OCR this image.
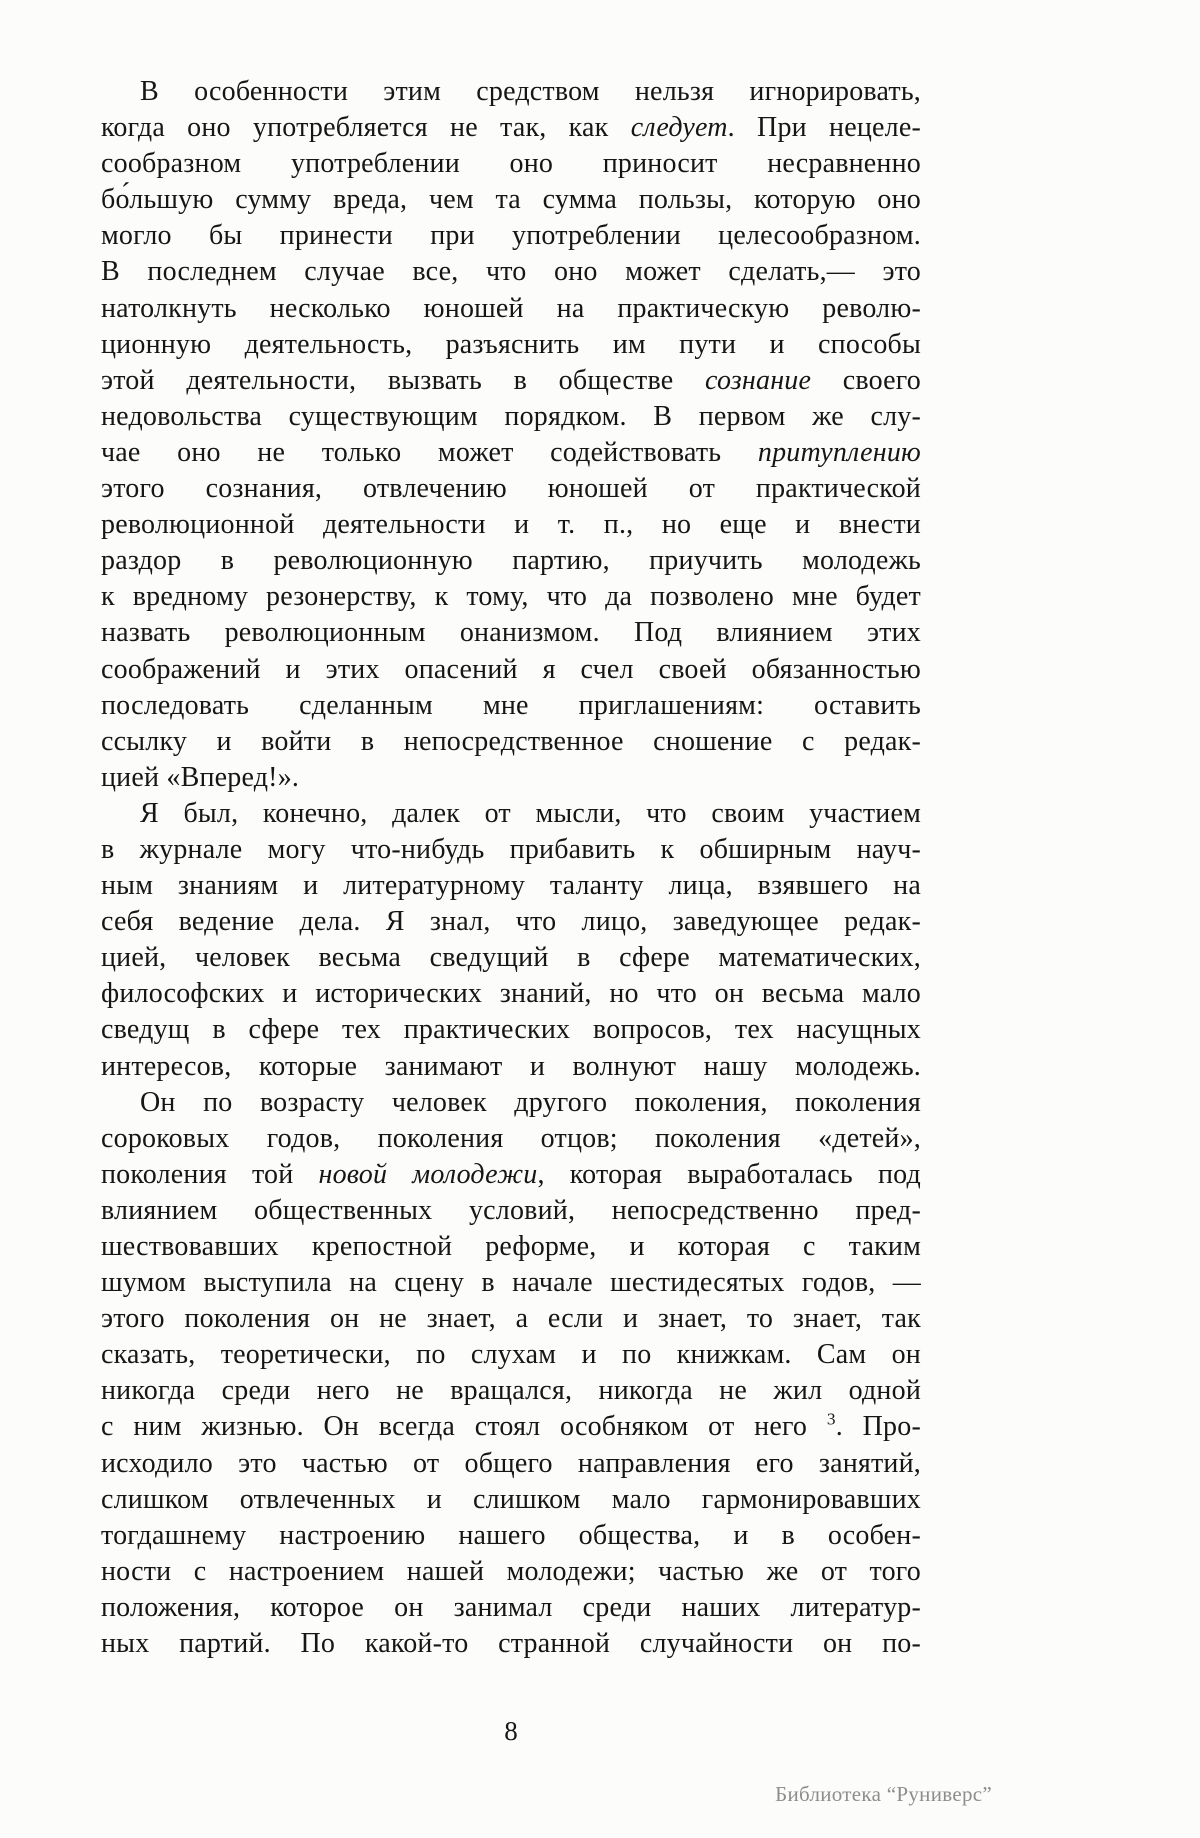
В особенности этим средством нельзя игнорировать,
когда оно употребляется не так, как следует. При нецеле-
сообразном употреблении оно приносит несравненно
бо́льшую сумму вреда, чем та сумма пользы, которую оно
могло бы принести при употреблении целесообразном.
В последнем случае все, что оно может сделать,— это
натолкнуть несколько юношей на практическую револю-
ционную деятельность, разъяснить им пути и способы
этой деятельности, вызвать в обществе сознание своего
недовольства существующим порядком. В первом же слу-
чае оно не только может содействовать притуплению
этого сознания, отвлечению юношей от практической
революционной деятельности и т. п., но еще и внести
раздор в революционную партию, приучить молодежь
к вредному резонерству, к тому, что да позволено мне будет
назвать революционным онанизмом. Под влиянием этих
соображений и этих опасений я счел своей обязанностью
последовать сделанным мне приглашениям: оставить
ссылку и войти в непосредственное сношение с редак-
цией «Вперед!».
Я был, конечно, далек от мысли, что своим участием
в журнале могу что-нибудь прибавить к обширным науч-
ным знаниям и литературному таланту лица, взявшего на
себя ведение дела. Я знал, что лицо, заведующее редак-
цией, человек весьма сведущий в сфере математических,
философских и исторических знаний, но что он весьма мало
сведущ в сфере тех практических вопросов, тех насущных
интересов, которые занимают и волнуют нашу молодежь.
Он по возрасту человек другого поколения, поколения
сороковых годов, поколения отцов; поколения «детей»,
поколения той новой молодежи, которая выработалась под
влиянием общественных условий, непосредственно пред-
шествовавших крепостной реформе, и которая с таким
шумом выступила на сцену в начале шестидесятых годов, —
этого поколения он не знает, а если и знает, то знает, так
сказать, теоретически, по слухам и по книжкам. Сам он
никогда среди него не вращался, никогда не жил одной
с ним жизнью. Он всегда стоял особняком от него $^3$. Про-
исходило это частью от общего направления его занятий,
слишком отвлеченных и слишком мало гармонировавших
тогдашнему настроению нашего общества, и в особен-
ности с настроением нашей молодежи; частью же от того
положения, которое он занимал среди наших литератур-
ных партий. По какой-то странной случайности он по-
8
Библиотека “Руниверс”
